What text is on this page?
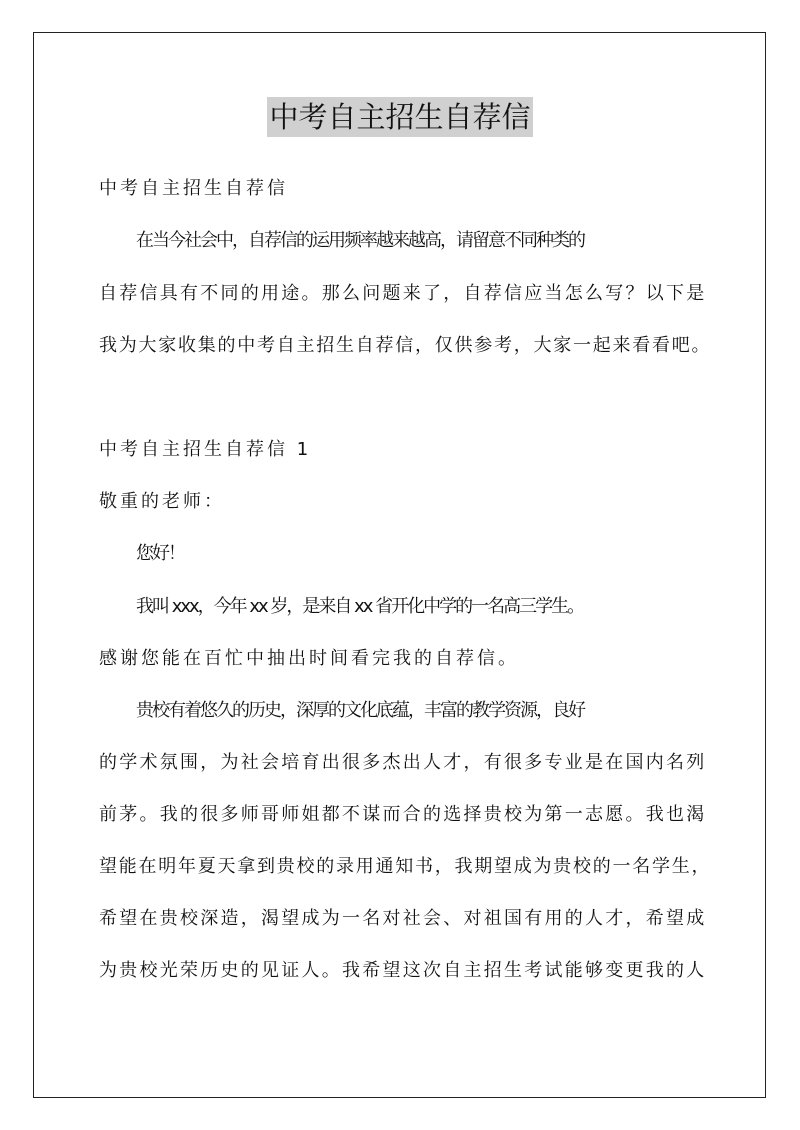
中考自主招生自荐信
中考自主招生自荐信
在当今社会中，自荐信的运用频率越来越高，请留意不同种类的
自荐信具有不同的用途。那么问题来了，自荐信应当怎么写？以下是
我为大家收集的中考自主招生自荐信，仅供参考，大家一起来看看吧。
中考自主招生自荐信 1
敬重的老师：
您好！
我叫 xxx，今年 xx 岁，是来自 xx 省开化中学的一名高三学生。
感谢您能在百忙中抽出时间看完我的自荐信。
贵校有着悠久的历史，深厚的文化底蕴，丰富的教学资源，良好
的学术氛围，为社会培育出很多杰出人才，有很多专业是在国内名列
前茅。我的很多师哥师姐都不谋而合的选择贵校为第一志愿。我也渴
望能在明年夏天拿到贵校的录用通知书，我期望成为贵校的一名学生，
希望在贵校深造，渴望成为一名对社会、对祖国有用的人才，希望成
为贵校光荣历史的见证人。我希望这次自主招生考试能够变更我的人
